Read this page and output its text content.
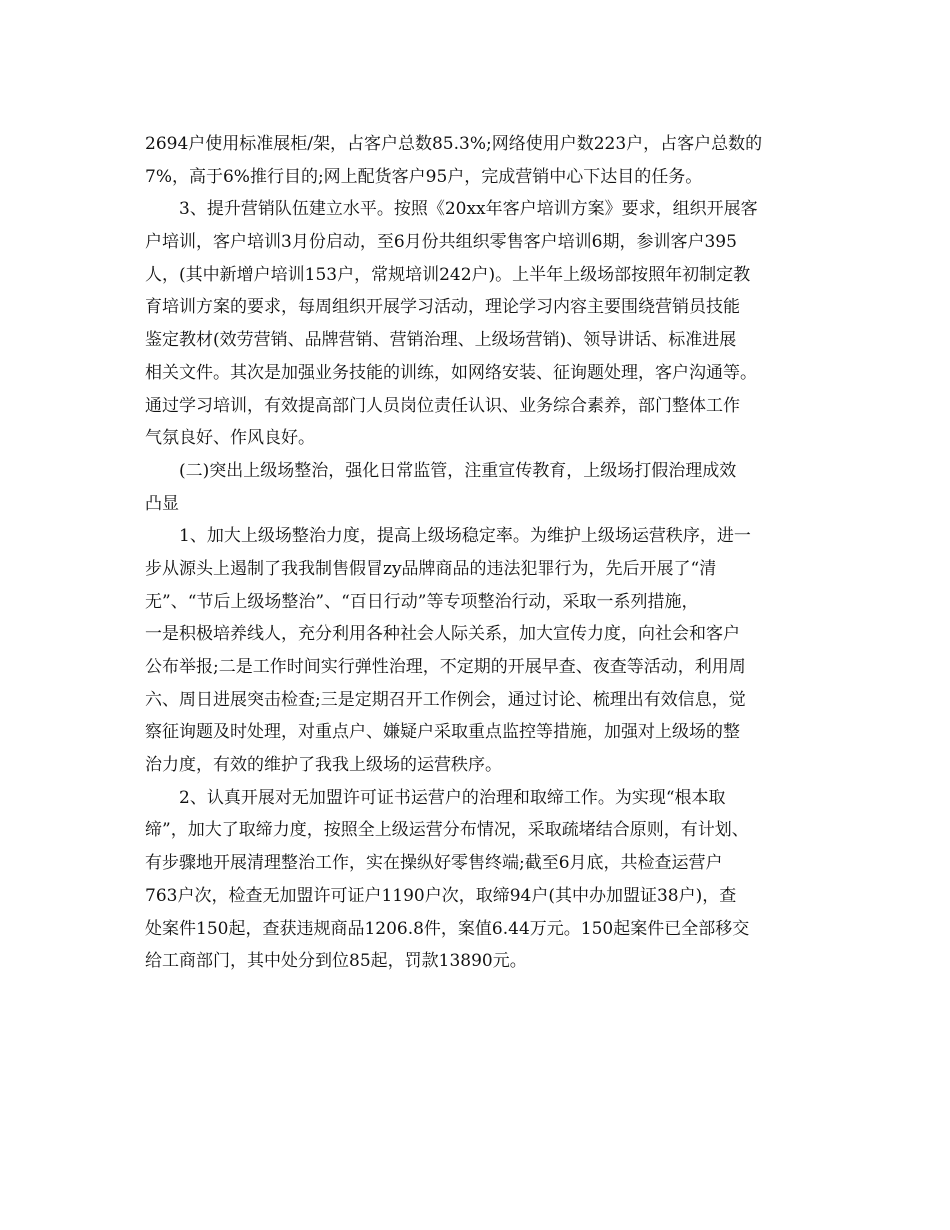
2694户使用标准展柜/架，占客户总数85.3%;网络使用户数223户，占客户总数的
7%，高于6%推行目的;网上配货客户95户，完成营销中心下达目的任务。
3、提升营销队伍建立水平。按照《20xx年客户培训方案》要求，组织开展客
户培训，客户培训3月份启动，至6月份共组织零售客户培训6期，参训客户395
人，(其中新增户培训153户，常规培训242户)。上半年上级场部按照年初制定教
育培训方案的要求，每周组织开展学习活动，理论学习内容主要围绕营销员技能
鉴定教材(效劳营销、品牌营销、营销治理、上级场营销)、领导讲话、标准进展
相关文件。其次是加强业务技能的训练，如网络安装、征询题处理，客户沟通等。
通过学习培训，有效提高部门人员岗位责任认识、业务综合素养，部门整体工作
气氛良好、作风良好。
(二)突出上级场整治，强化日常监管，注重宣传教育，上级场打假治理成效
凸显
1、加大上级场整治力度，提高上级场稳定率。为维护上级场运营秩序，进一
步从源头上遏制了我我制售假冒zy品牌商品的违法犯罪行为，先后开展了“清
无”、“节后上级场整治”、“百日行动”等专项整治行动，采取一系列措施，
一是积极培养线人，充分利用各种社会人际关系，加大宣传力度，向社会和客户
公布举报;二是工作时间实行弹性治理，不定期的开展早查、夜查等活动，利用周
六、周日进展突击检查;三是定期召开工作例会，通过讨论、梳理出有效信息，觉
察征询题及时处理，对重点户、嫌疑户采取重点监控等措施，加强对上级场的整
治力度，有效的维护了我我上级场的运营秩序。
2、认真开展对无加盟许可证书运营户的治理和取缔工作。为实现“根本取
缔”，加大了取缔力度，按照全上级运营分布情况，采取疏堵结合原则，有计划、
有步骤地开展清理整治工作，实在操纵好零售终端;截至6月底，共检查运营户
763户次，检查无加盟许可证户1190户次，取缔94户(其中办加盟证38户)，查
处案件150起，查获违规商品1206.8件，案值6.44万元。150起案件已全部移交
给工商部门，其中处分到位85起，罚款13890元。
